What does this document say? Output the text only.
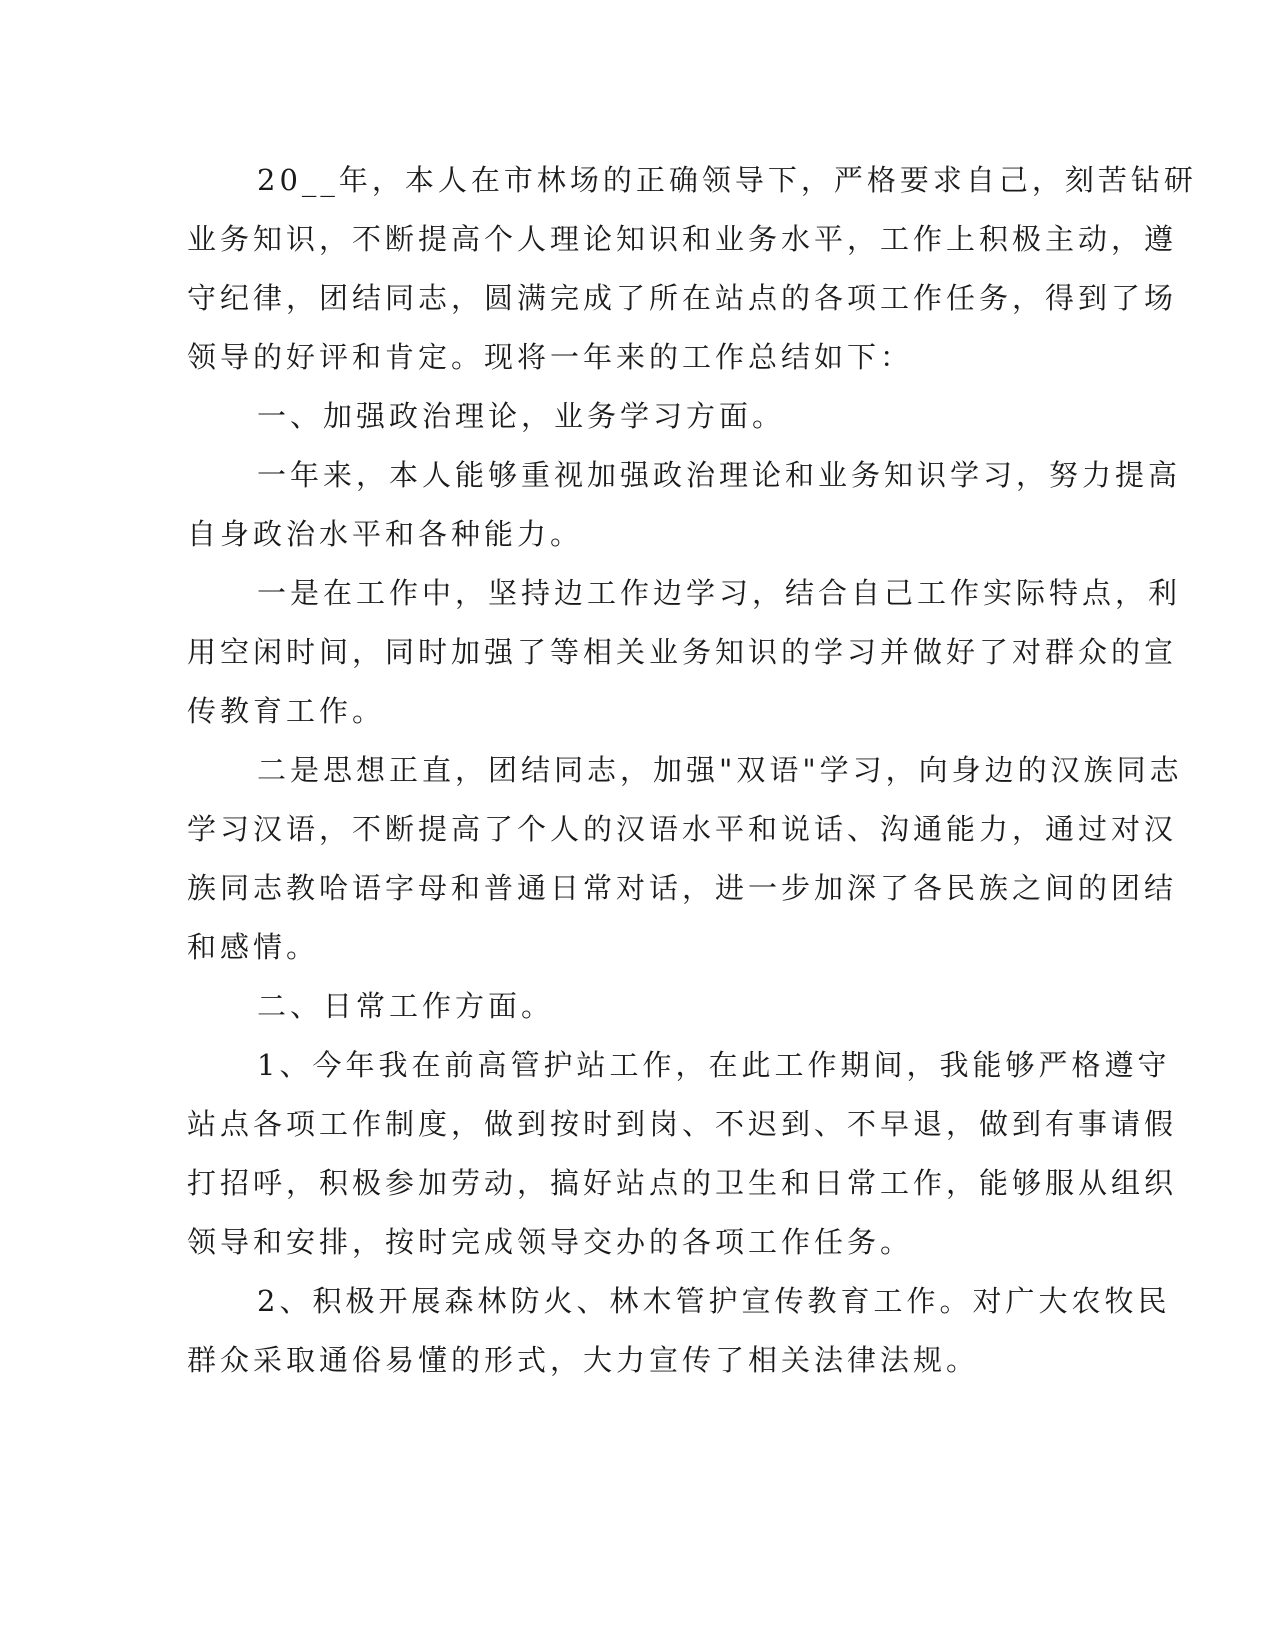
20__年，本人在市林场的正确领导下，严格要求自己，刻苦钻研
业务知识，不断提高个人理论知识和业务水平，工作上积极主动，遵
守纪律，团结同志，圆满完成了所在站点的各项工作任务，得到了场
领导的好评和肯定。现将一年来的工作总结如下：
一、加强政治理论，业务学习方面。
一年来，本人能够重视加强政治理论和业务知识学习，努力提高
自身政治水平和各种能力。
一是在工作中，坚持边工作边学习，结合自己工作实际特点，利
用空闲时间，同时加强了等相关业务知识的学习并做好了对群众的宣
传教育工作。
二是思想正直，团结同志，加强"双语"学习，向身边的汉族同志
学习汉语，不断提高了个人的汉语水平和说话、沟通能力，通过对汉
族同志教哈语字母和普通日常对话，进一步加深了各民族之间的团结
和感情。
二、日常工作方面。
1、今年我在前高管护站工作，在此工作期间，我能够严格遵守
站点各项工作制度，做到按时到岗、不迟到、不早退，做到有事请假
打招呼，积极参加劳动，搞好站点的卫生和日常工作，能够服从组织
领导和安排，按时完成领导交办的各项工作任务。
2、积极开展森林防火、林木管护宣传教育工作。对广大农牧民
群众采取通俗易懂的形式，大力宣传了相关法律法规。
